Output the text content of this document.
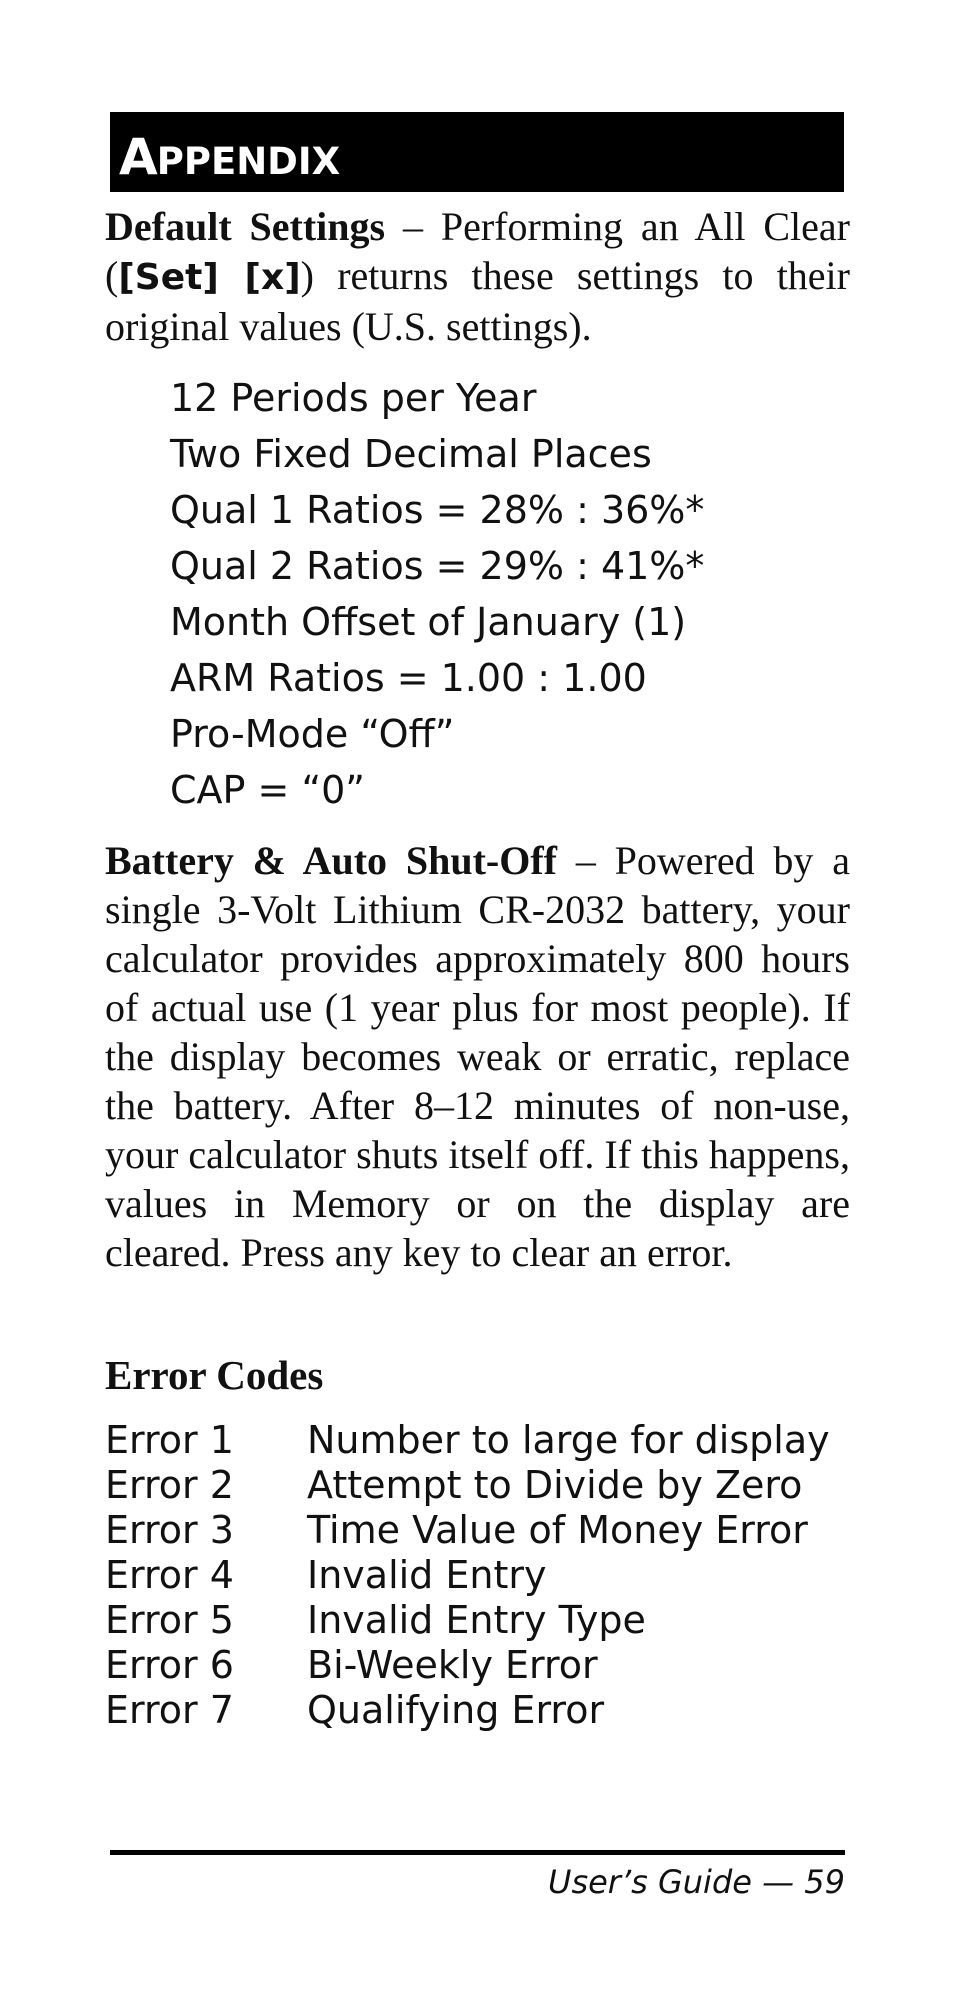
A PPENDIX

Default Settings – Performing an All Clear ([Set] [x]) returns these settings to their original values (U.S. settings).

12 Periods per Year
Two Fixed Decimal Places
Qual 1 Ratios = 28% : 36%*
Qual 2 Ratios = 29% : 41%*
Month Offset of January (1)
ARM Ratios = 1.00 : 1.00
Pro-Mode “Off”
CAP = “0”

Battery & Auto Shut-Off – Powered by a single 3-Volt Lithium CR-2032 battery, your calculator provides approximately 800 hours of actual use (1 year plus for most people). If the display becomes weak or erratic, replace the battery. After 8–12 minutes of non-use, your calculator shuts itself off. If this happens, values in Memory or on the display are cleared. Press any key to clear an error.

Error Codes
Error 1	Number to large for display
Error 2	Attempt to Divide by Zero
Error 3	Time Value of Money Error
Error 4	Invalid Entry
Error 5	Invalid Entry Type
Error 6	Bi-Weekly Error
Error 7	Qualifying Error
User’s Guide — 59
